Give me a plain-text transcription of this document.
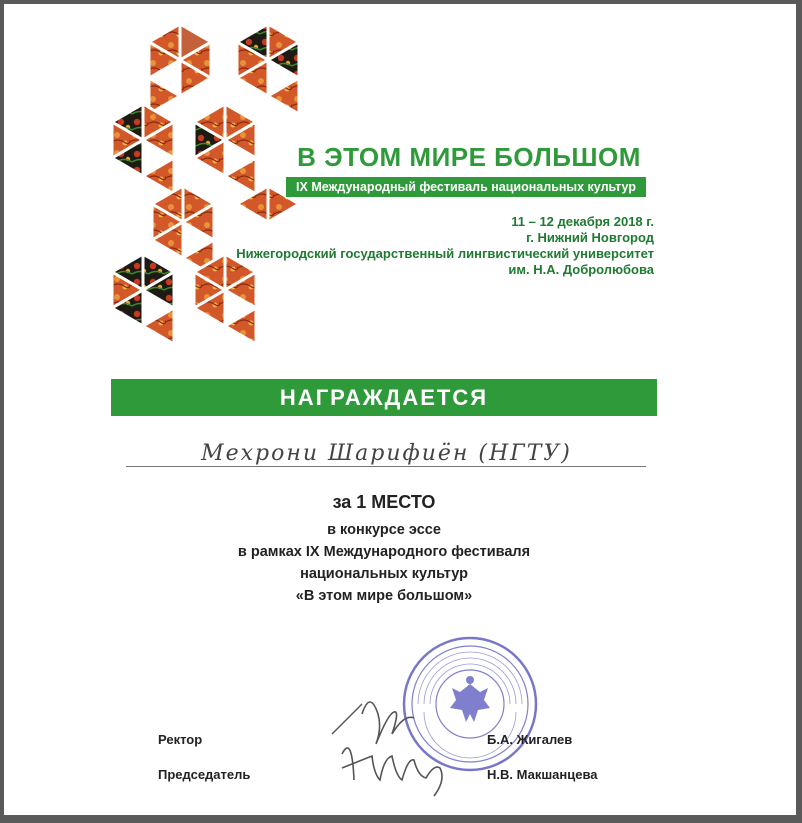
В ЭТОМ МИРЕ БОЛЬШОМ
IX Международный фестиваль национальных культур
11 – 12 декабря 2018 г.
г. Нижний Новгород
Нижегородский государственный лингвистический университет
им. Н.А. Добролюбова
НАГРАЖДАЕТСЯ
Мехрони Шарифиён (НГТУ)
за 1 МЕСТО
в конкурсе эссе
в рамках IX Международного фестиваля
национальных культур
«В этом мире большом»
Ректор	Б.А. Жигалев
Председатель	Н.В. Макшанцева
